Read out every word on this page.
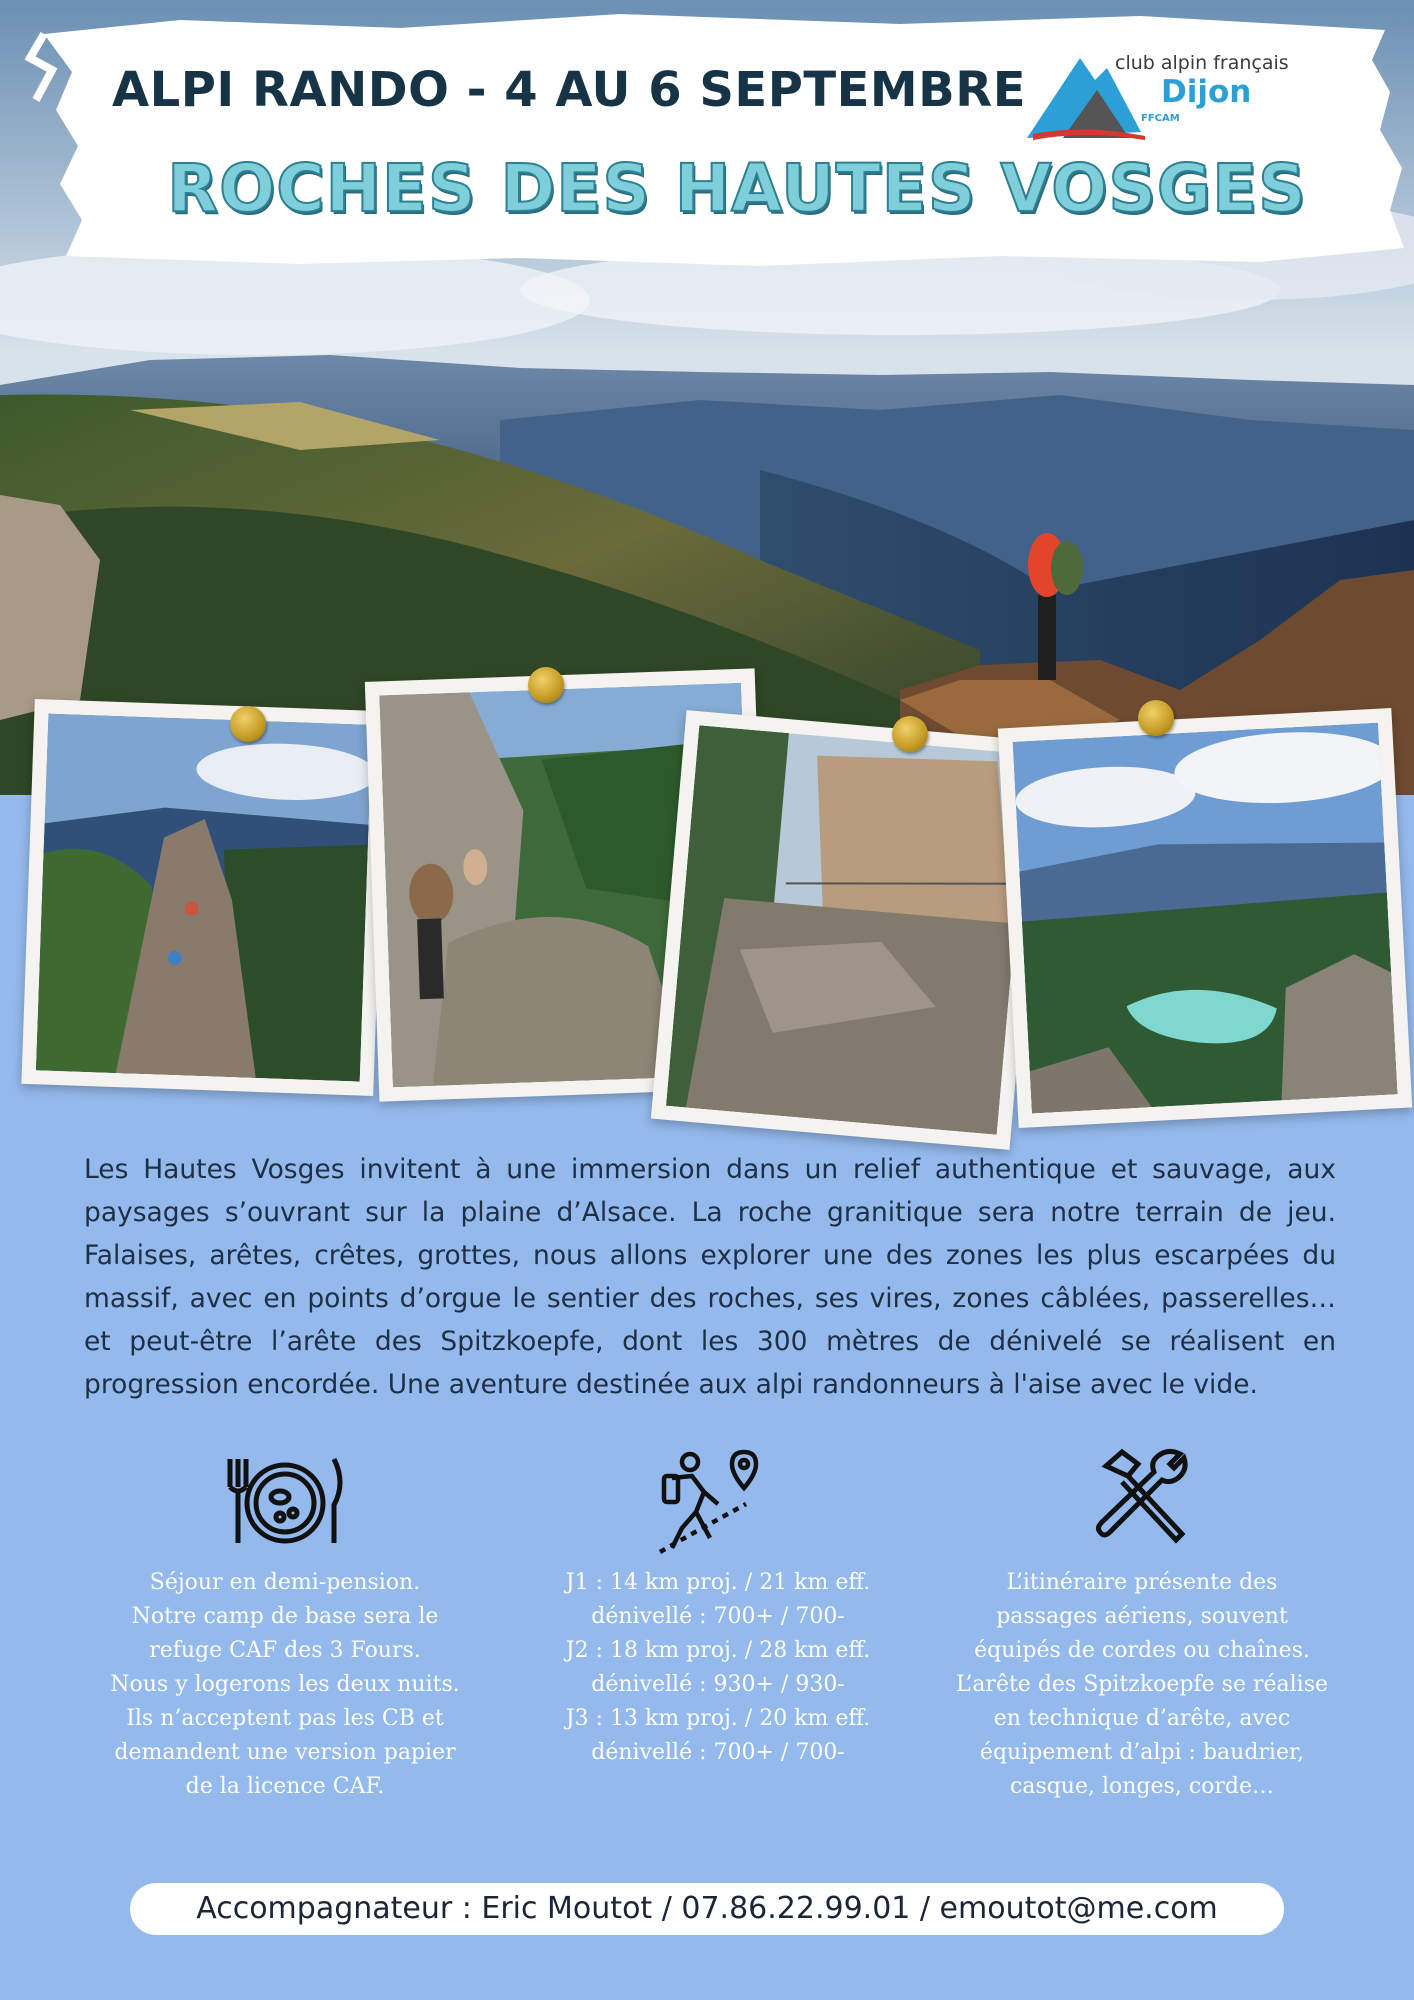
ALPI RANDO - 4 AU 6 SEPTEMBRE
ROCHES DES HAUTES VOSGES
club alpin français
Dijon
FFCAM
Les Hautes Vosges invitent à une immersion dans un relief authentique et sauvage, aux paysages s’ouvrant sur la plaine d’Alsace. La roche granitique sera notre terrain de jeu. Falaises, arêtes, crêtes, grottes, nous allons explorer une des zones les plus escarpées du massif, avec en points d’orgue le sentier des roches, ses vires, zones câblées, passerelles… et peut-être l’arête des Spitzkoepfe, dont les 300 mètres de dénivelé se réalisent en progression encordée. Une aventure destinée aux alpi randonneurs à l'aise avec le vide.
Séjour en demi-pension.
Notre camp de base sera le
refuge CAF des 3 Fours.
Nous y logerons les deux nuits.
Ils n’acceptent pas les CB et
demandent une version papier
de la licence CAF.
J1 : 14 km proj. / 21 km eff.
dénivellé : 700+ / 700-
J2 : 18 km proj. / 28 km eff.
dénivellé : 930+ / 930-
J3 : 13 km proj. / 20 km eff.
dénivellé : 700+ / 700-
L’itinéraire présente des
passages aériens, souvent
équipés de cordes ou chaînes.
L’arête des Spitzkoepfe se réalise
en technique d’arête, avec
équipement d’alpi : baudrier,
casque, longes, corde…
Accompagnateur : Eric Moutot / 07.86.22.99.01 / emoutot@me.com
